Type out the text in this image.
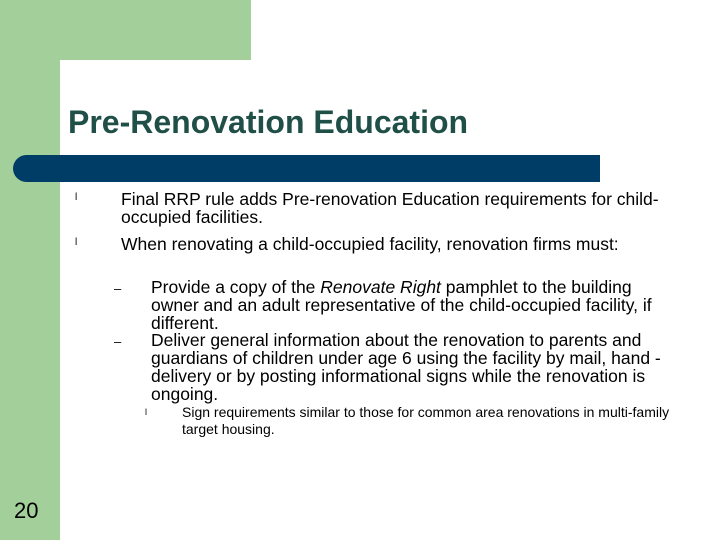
Pre-Renovation Education
l	Final RRP rule adds Pre-renovation Education requirements for child-occupied facilities.
l	When renovating a child-occupied facility, renovation firms must:
– Provide a copy of the Renovate Right pamphlet to the building owner and an adult representative of the child-occupied facility, if different.
– Deliver general information about the renovation to parents and guardians of children under age 6 using the facility by mail, hand -delivery or by posting informational signs while the renovation is ongoing.
l	Sign requirements similar to those for common area renovations in multi-family target housing.
20
